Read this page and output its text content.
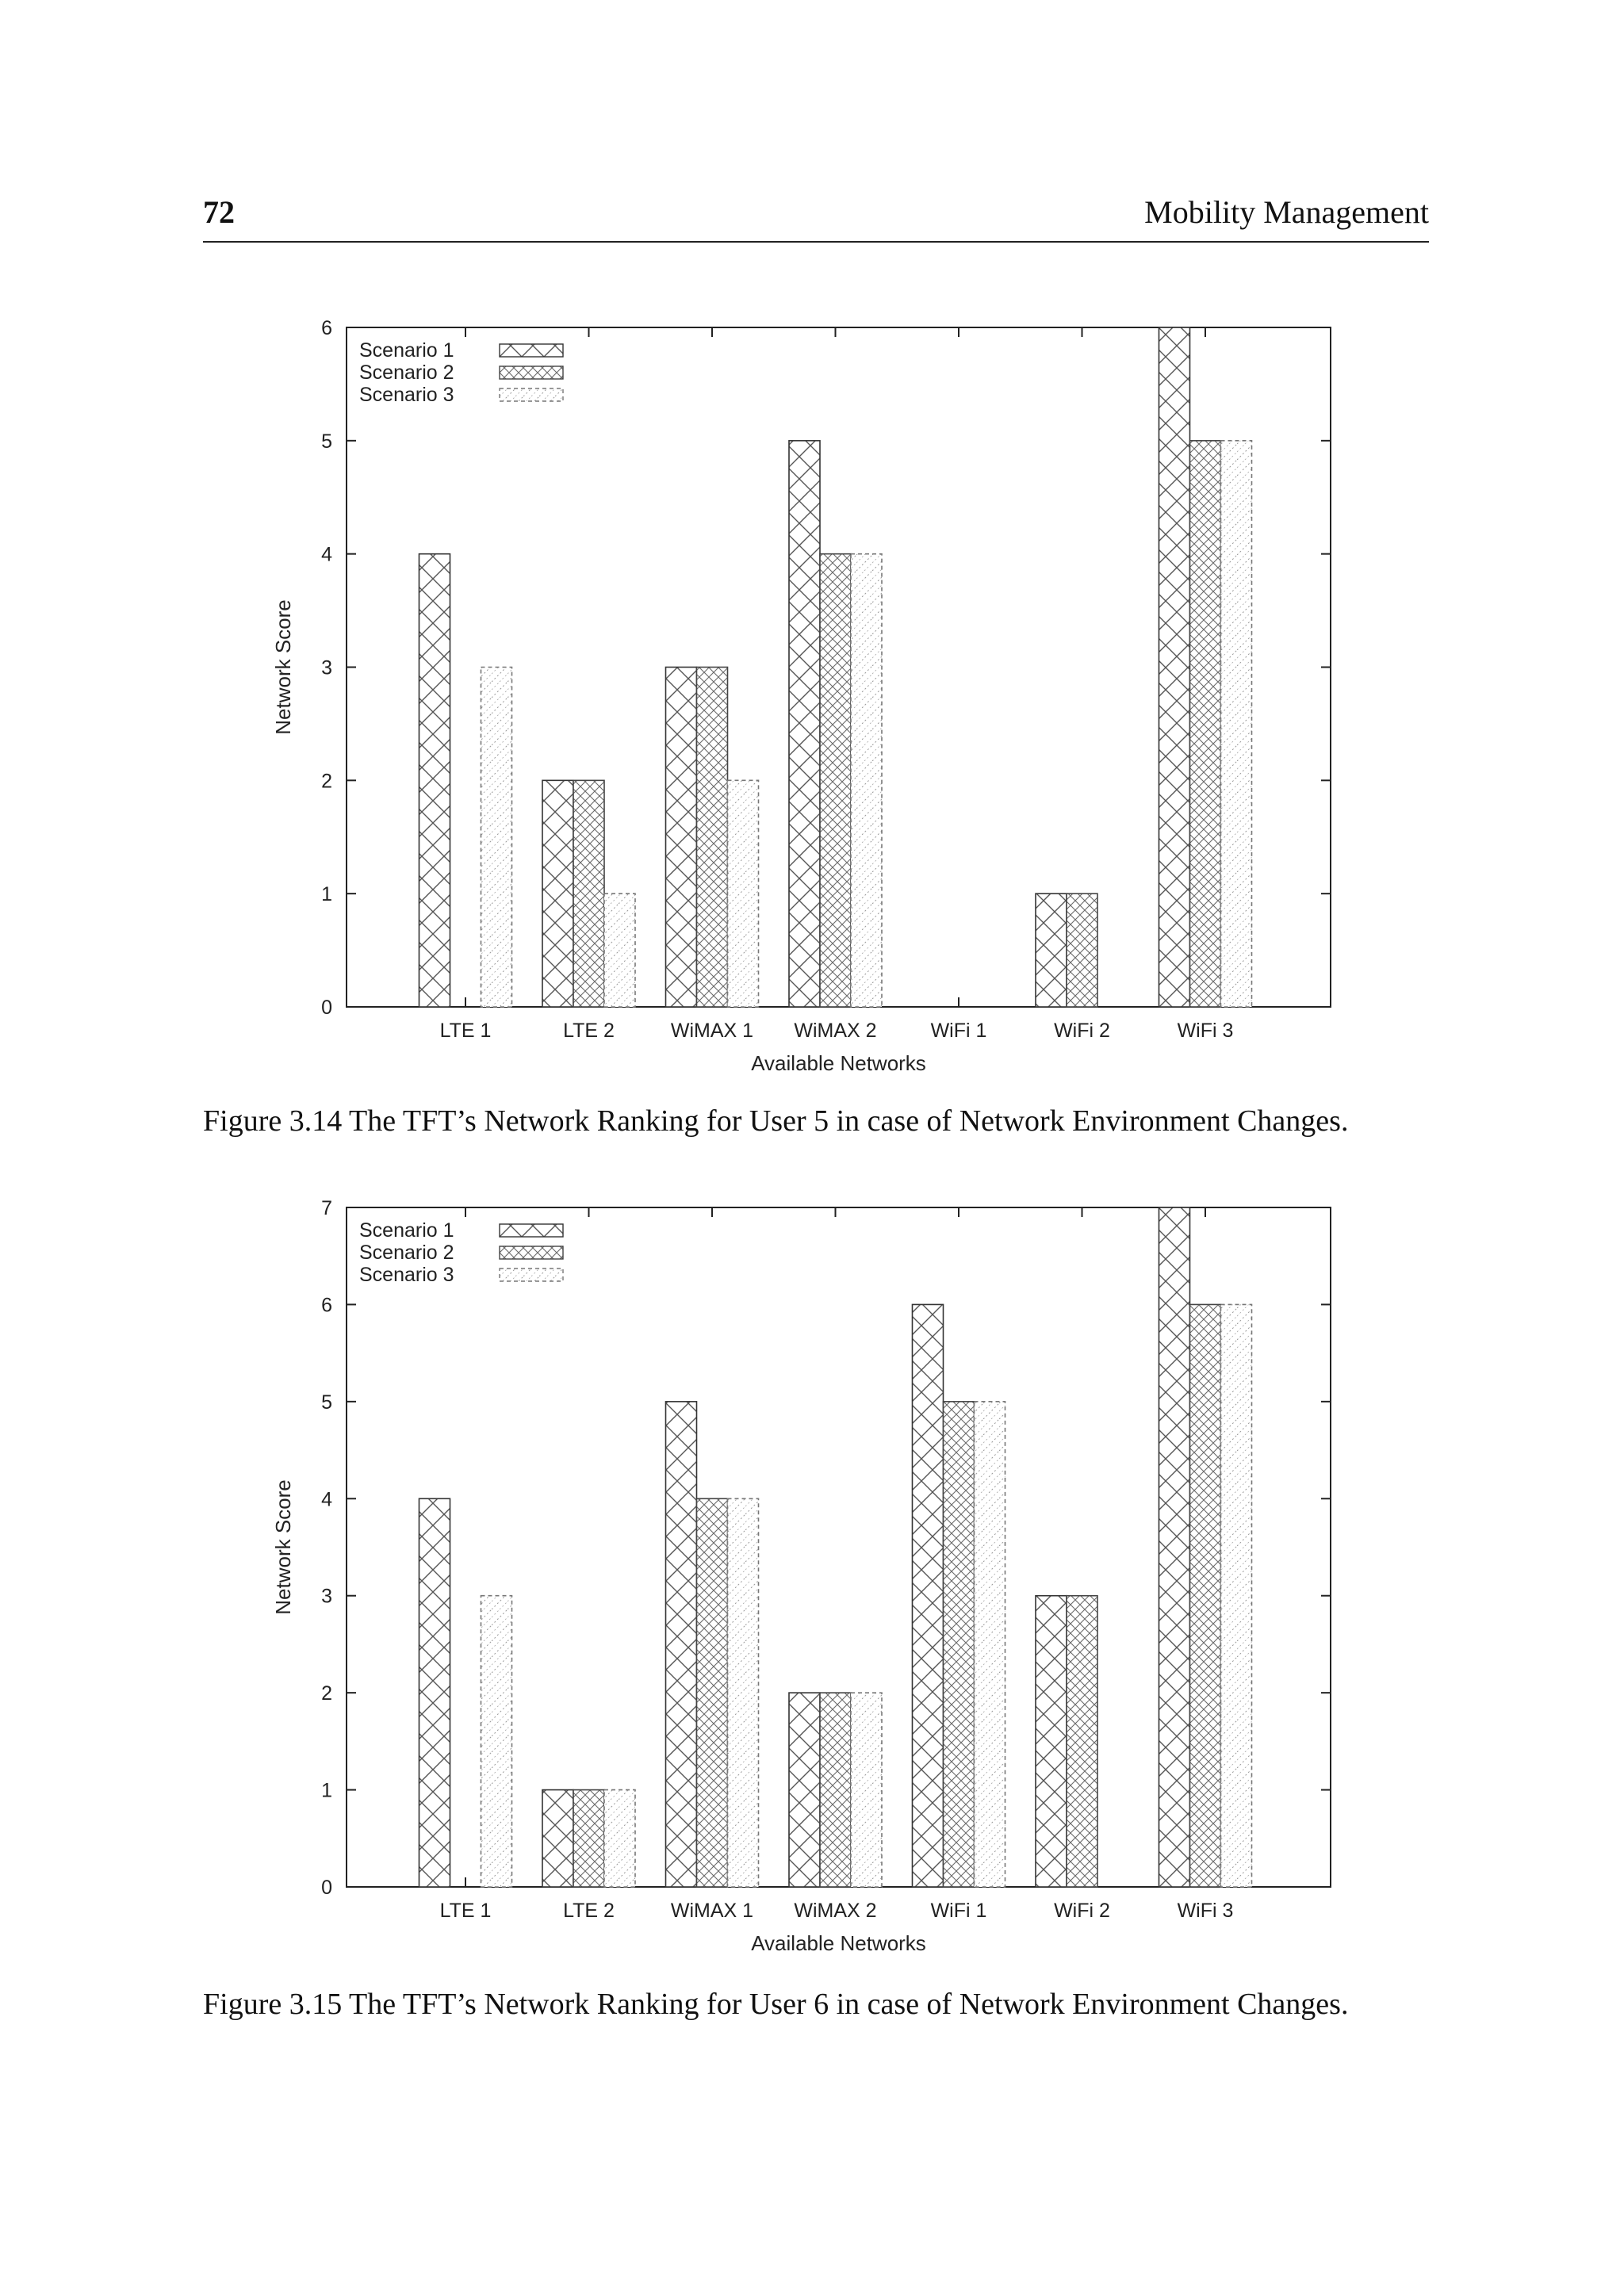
72	Mobility Management
0
1
2
3
4
5
6
LTE 1	LTE 2	WiMAX 1 WiMAX 2	WiFi 1	WiFi 2	WiFi 3
Available Networks
Network Score
Scenario 1
Scenario 2
Scenario 3
Figure 3.14 The TFT’s Network Ranking for User 5 in case of Network Environment Changes.
0
1
2
3
4
5
6
7
LTE 1	LTE 2	WiMAX 1 WiMAX 2	WiFi 1	WiFi 2	WiFi 3
Available Networks
Network Score
Scenario 1
Scenario 2
Scenario 3
Figure 3.15 The TFT’s Network Ranking for User 6 in case of Network Environment Changes.
